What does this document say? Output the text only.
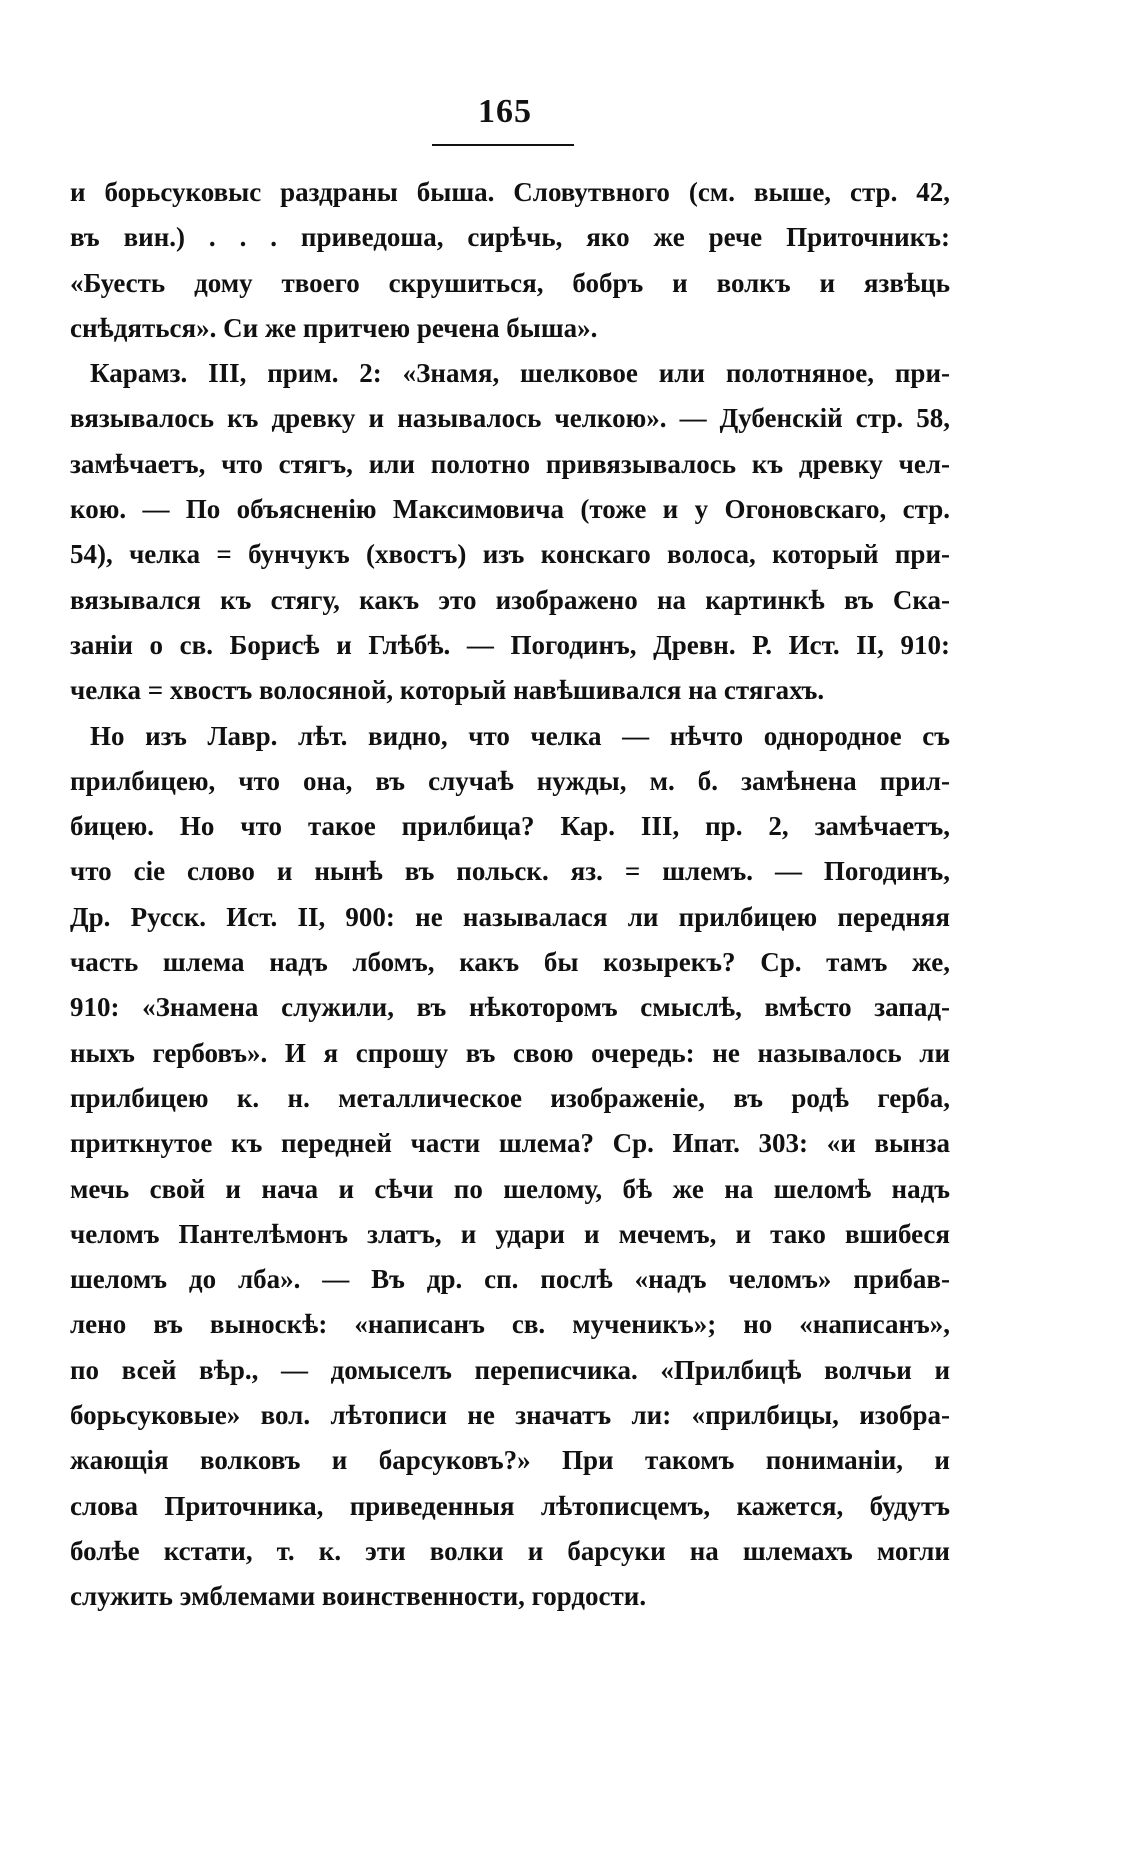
165
и борьсуковыс раздраны быша. Словутвного (см. выше, стр. 42,
въ вин.) . . . приведоша, сирѣчь, яко же рече Приточникъ:
«Буесть дому твоего скрушиться, бобръ и волкъ и язвѣць
снѣдяться». Си же притчею речена быша».
Карамз. III, прим. 2: «Знамя, шелковое или полотняное, при-
вязывалось къ древку и называлось челкою». — Дубенскій стр. 58,
замѣчаетъ, что стягъ, или полотно привязывалось къ древку чел-
кою. — По объясненію Максимовича (тоже и у Огоновскаго, стр.
54), челка = бунчукъ (хвостъ) изъ конскаго волоса, который при-
вязывался къ стягу, какъ это изображено на картинкѣ въ Ска-
заніи о св. Борисѣ и Глѣбѣ. — Погодинъ, Древн. Р. Ист. II, 910:
челка = хвостъ волосяной, который навѣшивался на стягахъ.
Но изъ Лавр. лѣт. видно, что челка — нѣчто однородное съ
прилбицею, что она, въ случаѣ нужды, м. б. замѣнена прил-
бицею. Но что такое прилбица? Кар. III, пр. 2, замѣчаетъ,
что сіе слово и нынѣ въ польск. яз. = шлемъ. — Погодинъ,
Др. Русск. Ист. II, 900: не называлася ли прилбицею передняя
часть шлема надъ лбомъ, какъ бы козырекъ? Ср. тамъ же,
910: «Знамена служили, въ нѣкоторомъ смыслѣ, вмѣсто запад-
ныхъ гербовъ». И я спрошу въ свою очередь: не называлось ли
прилбицею к. н. металлическое изображеніе, въ родѣ герба,
приткнутое къ передней части шлема? Ср. Ипат. 303: «и вынза
мечь свой и нача и сѣчи по шелому, бѣ же на шеломѣ надъ
челомъ Пантелѣмонъ златъ, и удари и мечемъ, и тако вшибеся
шеломъ до лба». — Въ др. сп. послѣ «надъ челомъ» прибав-
лено въ выноскѣ: «написанъ св. мученикъ»; но «написанъ»,
по всей вѣр., — домыселъ переписчика. «Прилбицѣ волчьи и
борьсуковые» вол. лѣтописи не значатъ ли: «прилбицы, изобра-
жающія волковъ и барсуковъ?» При такомъ пониманіи, и
слова Приточника, приведенныя лѣтописцемъ, кажется, будутъ
болѣе кстати, т. к. эти волки и барсуки на шлемахъ могли
служить эмблемами воинственности, гордости.
